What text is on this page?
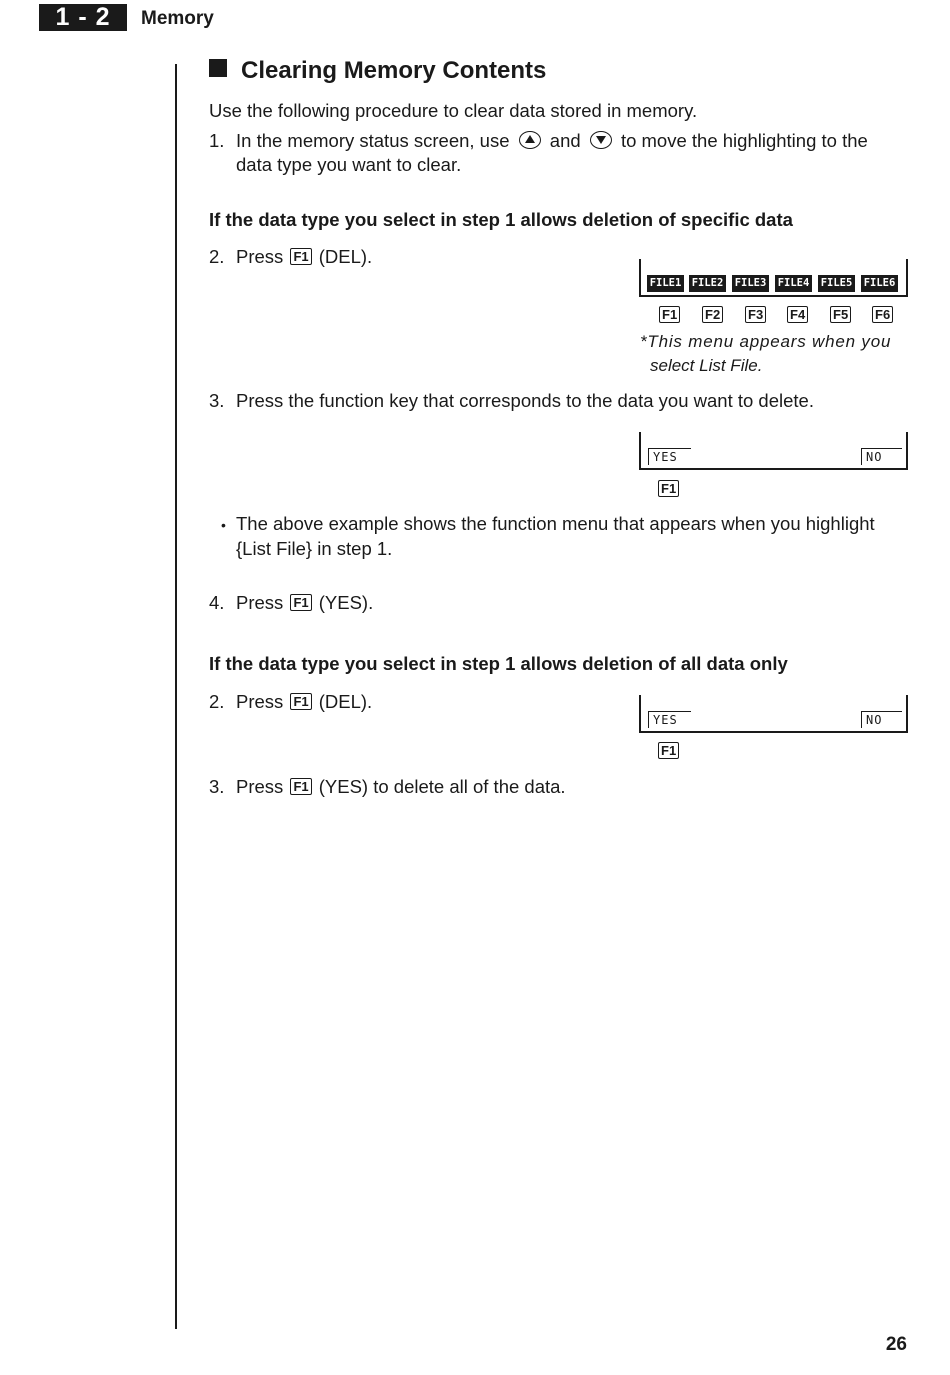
1 - 2	Memory
Clearing Memory Contents
Use the following procedure to clear data stored in memory.
1. In the memory status screen, use and to move the highlighting to the
data type you want to clear.
If the data type you select in step 1 allows deletion of specific data
2. Press F1 (DEL).
FILE1 FILE2 FILE3 FILE4 FILE5 FILE6
F1 F2 F3 F4 F5 F6
*This menu appears when you
select List File.
3. Press the function key that corresponds to the data you want to delete.
YES	NO
F1
• The above example shows the function menu that appears when you highlight
{List File} in step 1.
4. Press F1 (YES).
If the data type you select in step 1 allows deletion of all data only
2. Press F1 (DEL).
YES	NO
F1
3. Press F1 (YES) to delete all of the data.
26
